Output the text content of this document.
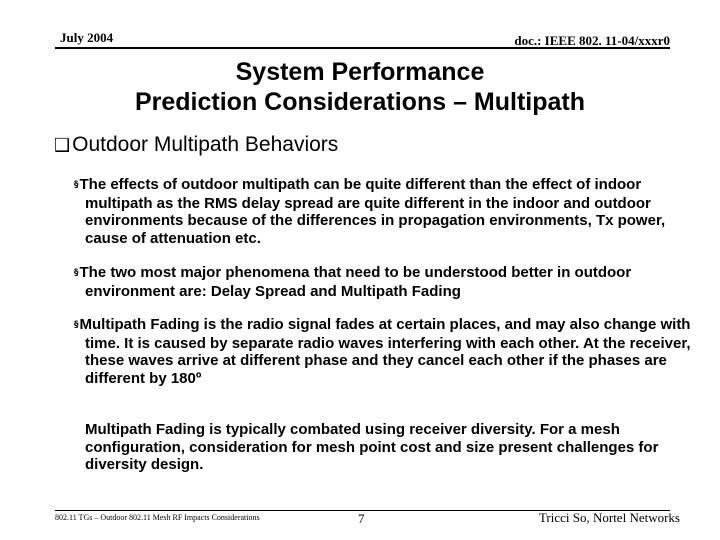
July 2004	doc.: IEEE 802. 11-04/xxxr0
System Performance
Prediction Considerations – Multipath
❑Outdoor Multipath Behaviors
§The effects of outdoor multipath can be quite different than the effect of indoor multipath as the RMS delay spread are quite different in the indoor and outdoor environments because of the differences in propagation environments, Tx power, cause of attenuation etc.
§The two most major phenomena that need to be understood better in outdoor environment are: Delay Spread and Multipath Fading
§Multipath Fading is the radio signal fades at certain places, and may also change with time. It is caused by separate radio waves interfering with each other. At the receiver, these waves arrive at different phase and they cancel each other if the phases are different by 180º
Multipath Fading is typically combated using receiver diversity. For a mesh configuration, consideration for mesh point cost and size present challenges for diversity design.
802.11 TGs – Outdoor 802.11 Mesh RF Impacts Considerations	7	Tricci So, Nortel Networks
